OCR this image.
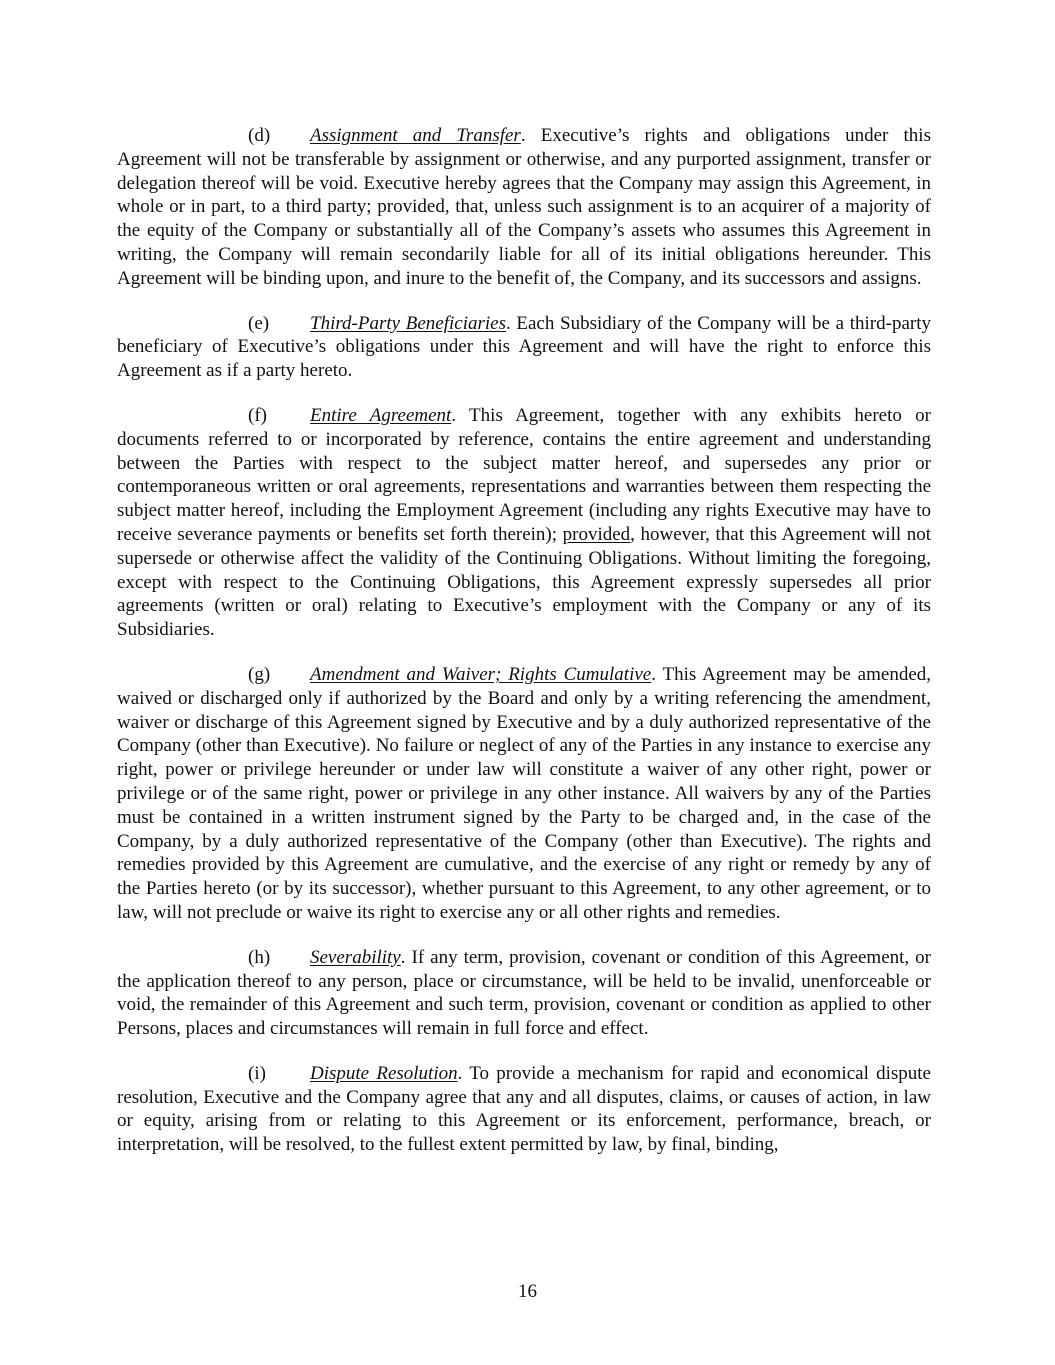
(d) Assignment and Transfer. Executive’s rights and obligations under this Agreement will not be transferable by assignment or otherwise, and any purported assignment, transfer or delegation thereof will be void. Executive hereby agrees that the Company may assign this Agreement, in whole or in part, to a third party; provided, that, unless such assignment is to an acquirer of a majority of the equity of the Company or substantially all of the Company’s assets who assumes this Agreement in writing, the Company will remain secondarily liable for all of its initial obligations hereunder. This Agreement will be binding upon, and inure to the benefit of, the Company, and its successors and assigns.

(e) Third-Party Beneficiaries. Each Subsidiary of the Company will be a third-party beneficiary of Executive’s obligations under this Agreement and will have the right to enforce this Agreement as if a party hereto.

(f) Entire Agreement. This Agreement, together with any exhibits hereto or documents referred to or incorporated by reference, contains the entire agreement and understanding between the Parties with respect to the subject matter hereof, and supersedes any prior or contemporaneous written or oral agreements, representations and warranties between them respecting the subject matter hereof, including the Employment Agreement (including any rights Executive may have to receive severance payments or benefits set forth therein); provided, however, that this Agreement will not supersede or otherwise affect the validity of the Continuing Obligations. Without limiting the foregoing, except with respect to the Continuing Obligations, this Agreement expressly supersedes all prior agreements (written or oral) relating to Executive’s employment with the Company or any of its Subsidiaries.

(g) Amendment and Waiver; Rights Cumulative. This Agreement may be amended, waived or discharged only if authorized by the Board and only by a writing referencing the amendment, waiver or discharge of this Agreement signed by Executive and by a duly authorized representative of the Company (other than Executive). No failure or neglect of any of the Parties in any instance to exercise any right, power or privilege hereunder or under law will constitute a waiver of any other right, power or privilege or of the same right, power or privilege in any other instance. All waivers by any of the Parties must be contained in a written instrument signed by the Party to be charged and, in the case of the Company, by a duly authorized representative of the Company (other than Executive). The rights and remedies provided by this Agreement are cumulative, and the exercise of any right or remedy by any of the Parties hereto (or by its successor), whether pursuant to this Agreement, to any other agreement, or to law, will not preclude or waive its right to exercise any or all other rights and remedies.

(h) Severability. If any term, provision, covenant or condition of this Agreement, or the application thereof to any person, place or circumstance, will be held to be invalid, unenforceable or void, the remainder of this Agreement and such term, provision, covenant or condition as applied to other Persons, places and circumstances will remain in full force and effect.

(i) Dispute Resolution. To provide a mechanism for rapid and economical dispute resolution, Executive and the Company agree that any and all disputes, claims, or causes of action, in law or equity, arising from or relating to this Agreement or its enforcement, performance, breach, or interpretation, will be resolved, to the fullest extent permitted by law, by final, binding,

16
